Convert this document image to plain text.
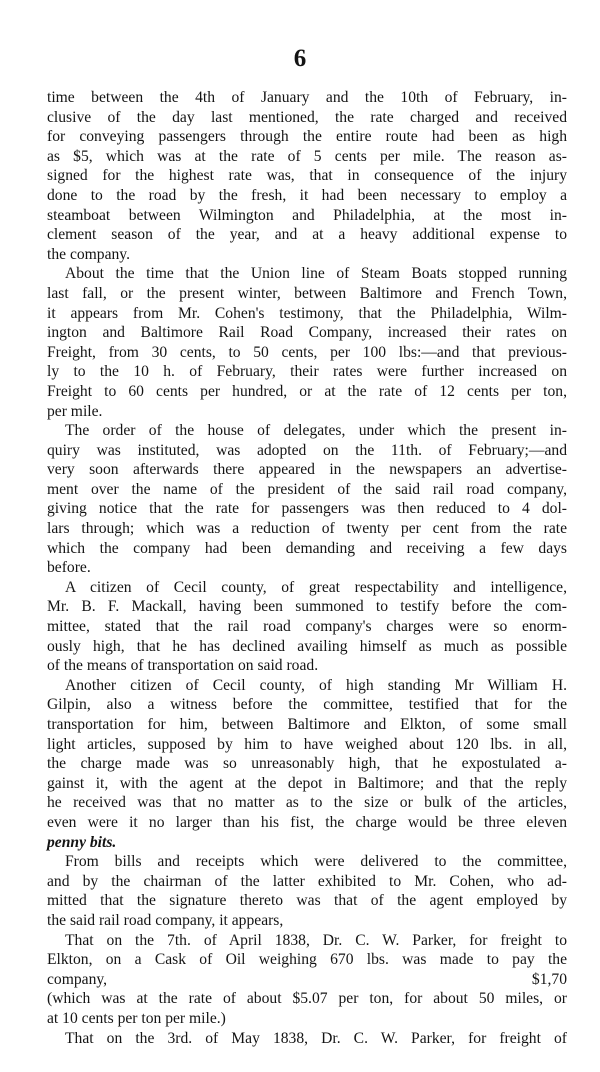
6
time between the 4th of January and the 10th of February, in-
clusive of the day last mentioned, the rate charged and received
for conveying passengers through the entire route had been as high
as $5, which was at the rate of 5 cents per mile. The reason as-
signed for the highest rate was, that in consequence of the injury
done to the road by the fresh, it had been necessary to employ a
steamboat between Wilmington and Philadelphia, at the most in-
clement season of the year, and at a heavy additional expense to
the company.
About the time that the Union line of Steam Boats stopped running
last fall, or the present winter, between Baltimore and French Town,
it appears from Mr. Cohen's testimony, that the Philadelphia, Wilm-
ington and Baltimore Rail Road Company, increased their rates on
Freight, from 30 cents, to 50 cents, per 100 lbs:—and that previous-
ly to the 10 h. of February, their rates were further increased on
Freight to 60 cents per hundred, or at the rate of 12 cents per ton,
per mile.
The order of the house of delegates, under which the present in-
quiry was instituted, was adopted on the 11th. of February;—and
very soon afterwards there appeared in the newspapers an advertise-
ment over the name of the president of the said rail road company,
giving notice that the rate for passengers was then reduced to 4 dol-
lars through; which was a reduction of twenty per cent from the rate
which the company had been demanding and receiving a few days
before.
A citizen of Cecil county, of great respectability and intelligence,
Mr. B. F. Mackall, having been summoned to testify before the com-
mittee, stated that the rail road company's charges were so enorm-
ously high, that he has declined availing himself as much as possible
of the means of transportation on said road.
Another citizen of Cecil county, of high standing Mr William H.
Gilpin, also a witness before the committee, testified that for the
transportation for him, between Baltimore and Elkton, of some small
light articles, supposed by him to have weighed about 120 lbs. in all,
the charge made was so unreasonably high, that he expostulated a-
gainst it, with the agent at the depot in Baltimore; and that the reply
he received was that no matter as to the size or bulk of the articles,
even were it no larger than his fist, the charge would be three eleven
penny bits.
From bills and receipts which were delivered to the committee,
and by the chairman of the latter exhibited to Mr. Cohen, who ad-
mitted that the signature thereto was that of the agent employed by
the said rail road company, it appears,
That on the 7th. of April 1838, Dr. C. W. Parker, for freight to
Elkton, on a Cask of Oil weighing 670 lbs. was made to pay the
company,	$1,70
(which was at the rate of about $5.07 per ton, for about 50 miles, or
at 10 cents per ton per mile.)
That on the 3rd. of May 1838, Dr. C. W. Parker, for freight of
